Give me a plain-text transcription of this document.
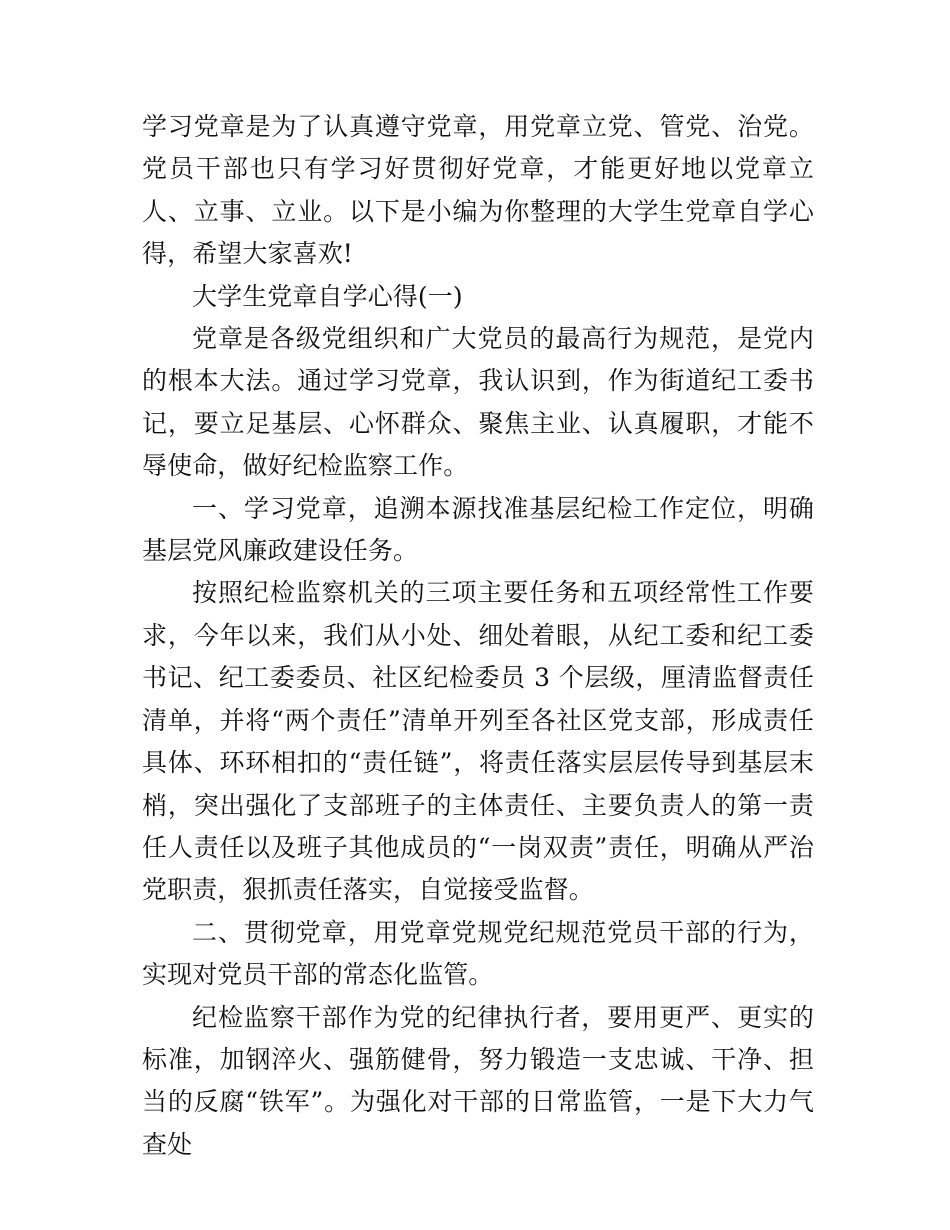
学习党章是为了认真遵守党章，用党章立党、管党、治党。党员干部也只有学习好贯彻好党章，才能更好地以党章立人、立事、立业。以下是小编为你整理的大学生党章自学心得，希望大家喜欢!

大学生党章自学心得(一)

党章是各级党组织和广大党员的最高行为规范，是党内的根本大法。通过学习党章，我认识到，作为街道纪工委书记，要立足基层、心怀群众、聚焦主业、认真履职，才能不辱使命，做好纪检监察工作。

一、学习党章，追溯本源找准基层纪检工作定位，明确基层党风廉政建设任务。

按照纪检监察机关的三项主要任务和五项经常性工作要求，今年以来，我们从小处、细处着眼，从纪工委和纪工委书记、纪工委委员、社区纪检委员 3 个层级，厘清监督责任清单，并将“两个责任”清单开列至各社区党支部，形成责任具体、环环相扣的“责任链”，将责任落实层层传导到基层末梢，突出强化了支部班子的主体责任、主要负责人的第一责任人责任以及班子其他成员的“一岗双责”责任，明确从严治党职责，狠抓责任落实，自觉接受监督。

二、贯彻党章，用党章党规党纪规范党员干部的行为，实现对党员干部的常态化监管。

纪检监察干部作为党的纪律执行者，要用更严、更实的标准，加钢淬火、强筋健骨，努力锻造一支忠诚、干净、担当的反腐“铁军”。为强化对干部的日常监管，一是下大力气查处
